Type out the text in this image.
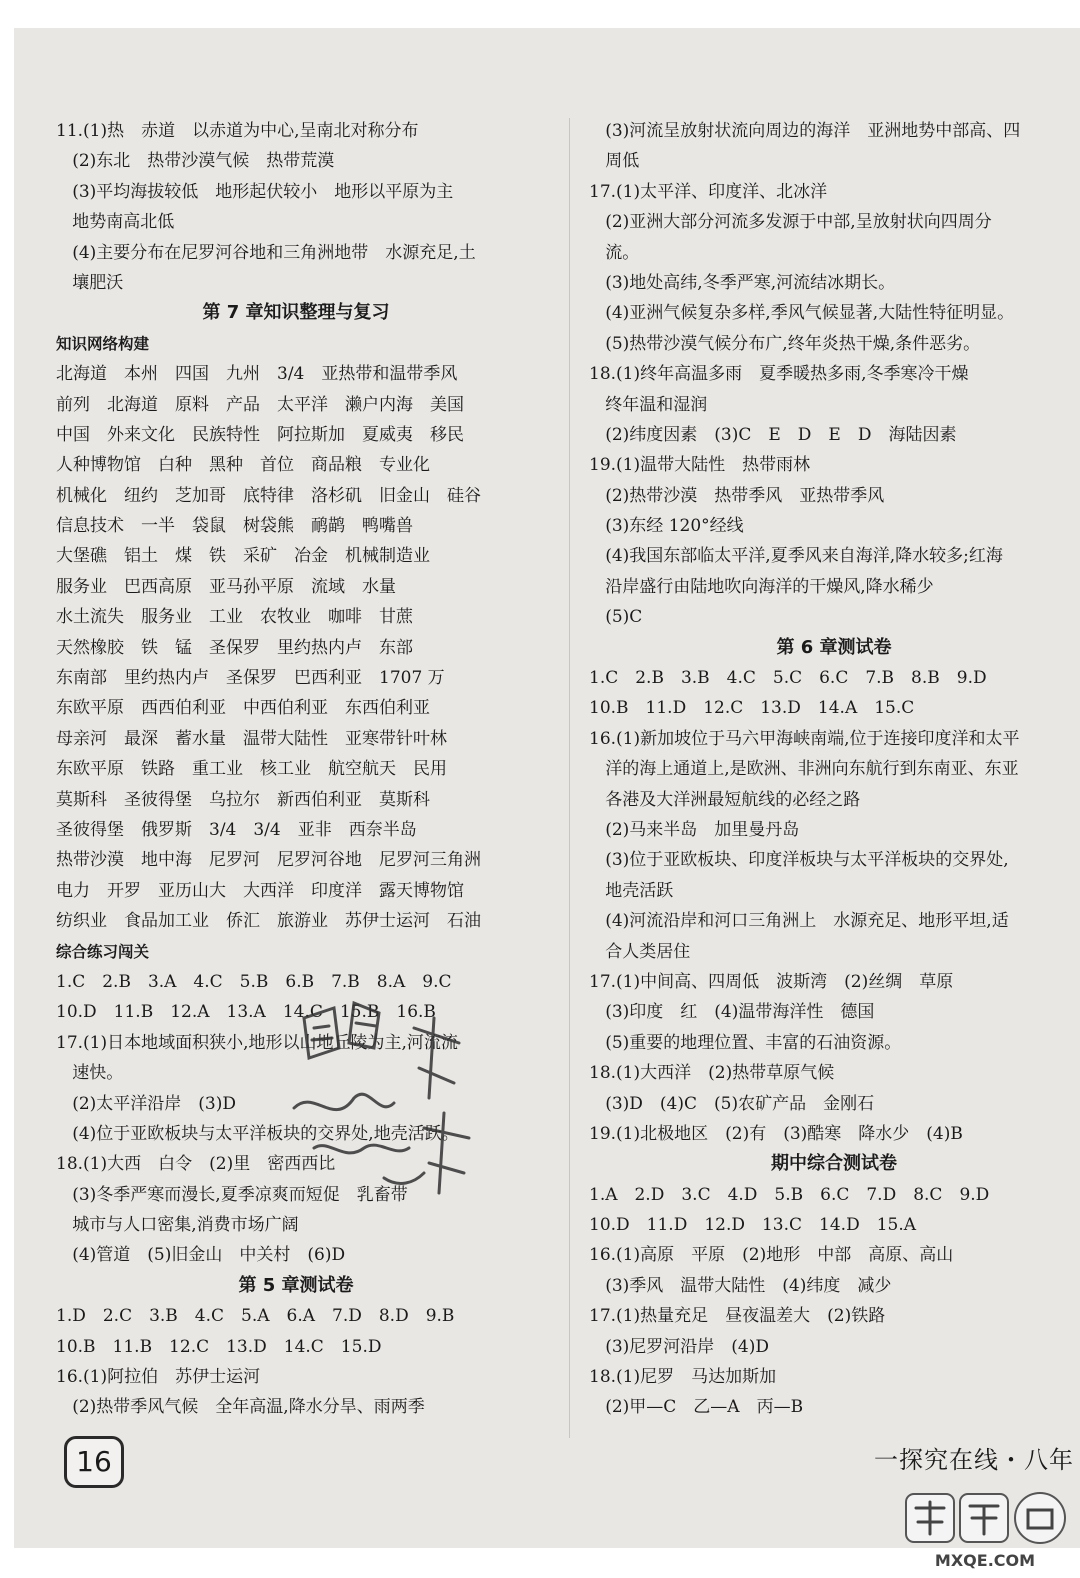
11.(1)热　赤道　以赤道为中心,呈南北对称分布
(2)东北　热带沙漠气候　热带荒漠
(3)平均海拔较低　地形起伏较小　地形以平原为主
地势南高北低
(4)主要分布在尼罗河谷地和三角洲地带　水源充足,土
壤肥沃
第 7 章知识整理与复习
知识网络构建
北海道　本州　四国　九州　3/4　亚热带和温带季风
前列　北海道　原料　产品　太平洋　濑户内海　美国
中国　外来文化　民族特性　阿拉斯加　夏威夷　移民
人种博物馆　白种　黑种　首位　商品粮　专业化
机械化　纽约　芝加哥　底特律　洛杉矶　旧金山　硅谷
信息技术　一半　袋鼠　树袋熊　鸸鹋　鸭嘴兽
大堡礁　铝土　煤　铁　采矿　冶金　机械制造业
服务业　巴西高原　亚马孙平原　流域　水量
水土流失　服务业　工业　农牧业　咖啡　甘蔗
天然橡胶　铁　锰　圣保罗　里约热内卢　东部
东南部　里约热内卢　圣保罗　巴西利亚　1707 万
东欧平原　西西伯利亚　中西伯利亚　东西伯利亚
母亲河　最深　蓄水量　温带大陆性　亚寒带针叶林
东欧平原　铁路　重工业　核工业　航空航天　民用
莫斯科　圣彼得堡　乌拉尔　新西伯利亚　莫斯科
圣彼得堡　俄罗斯　3/4　3/4　亚非　西奈半岛
热带沙漠　地中海　尼罗河　尼罗河谷地　尼罗河三角洲
电力　开罗　亚历山大　大西洋　印度洋　露天博物馆
纺织业　食品加工业　侨汇　旅游业　苏伊士运河　石油
综合练习闯关
1.C　2.B　3.A　4.C　5.B　6.B　7.B　8.A　9.C
10.D　11.B　12.A　13.A　14.C　15.B　16.B
17.(1)日本地域面积狭小,地形以山地丘陵为主,河流流
速快。
(2)太平洋沿岸　(3)D
(4)位于亚欧板块与太平洋板块的交界处,地壳活跃。
18.(1)大西　白令　(2)里　密西西比
(3)冬季严寒而漫长,夏季凉爽而短促　乳畜带
城市与人口密集,消费市场广阔
(4)管道　(5)旧金山　中关村　(6)D
第 5 章测试卷
1.D　2.C　3.B　4.C　5.A　6.A　7.D　8.D　9.B
10.B　11.B　12.C　13.D　14.C　15.D
16.(1)阿拉伯　苏伊士运河
(2)热带季风气候　全年高温,降水分旱、雨两季
(3)河流呈放射状流向周边的海洋　亚洲地势中部高、四
周低
17.(1)太平洋、印度洋、北冰洋
(2)亚洲大部分河流多发源于中部,呈放射状向四周分
流。
(3)地处高纬,冬季严寒,河流结冰期长。
(4)亚洲气候复杂多样,季风气候显著,大陆性特征明显。
(5)热带沙漠气候分布广,终年炎热干燥,条件恶劣。
18.(1)终年高温多雨　夏季暖热多雨,冬季寒冷干燥
终年温和湿润
(2)纬度因素　(3)C　E　D　E　D　海陆因素
19.(1)温带大陆性　热带雨林
(2)热带沙漠　热带季风　亚热带季风
(3)东经 120°经线
(4)我国东部临太平洋,夏季风来自海洋,降水较多;红海
沿岸盛行由陆地吹向海洋的干燥风,降水稀少
(5)C
第 6 章测试卷
1.C　2.B　3.B　4.C　5.C　6.C　7.B　8.B　9.D
10.B　11.D　12.C　13.D　14.A　15.C
16.(1)新加坡位于马六甲海峡南端,位于连接印度洋和太平
洋的海上通道上,是欧洲、非洲向东航行到东南亚、东亚
各港及大洋洲最短航线的必经之路
(2)马来半岛　加里曼丹岛
(3)位于亚欧板块、印度洋板块与太平洋板块的交界处,
地壳活跃
(4)河流沿岸和河口三角洲上　水源充足、地形平坦,适
合人类居住
17.(1)中间高、四周低　波斯湾　(2)丝绸　草原
(3)印度　红　(4)温带海洋性　德国
(5)重要的地理位置、丰富的石油资源。
18.(1)大西洋　(2)热带草原气候
(3)D　(4)C　(5)农矿产品　金刚石
19.(1)北极地区　(2)有　(3)酷寒　降水少　(4)B
期中综合测试卷
1.A　2.D　3.C　4.D　5.B　6.C　7.D　8.C　9.D
10.D　11.D　12.D　13.C　14.D　15.A
16.(1)高原　平原　(2)地形　中部　高原、高山
(3)季风　温带大陆性　(4)纬度　减少
17.(1)热量充足　昼夜温差大　(2)铁路
(3)尼罗河沿岸　(4)D
18.(1)尼罗　马达加斯加
(2)甲—C　乙—A　丙—B
16	一探究在线・八年
MXQE.COM
